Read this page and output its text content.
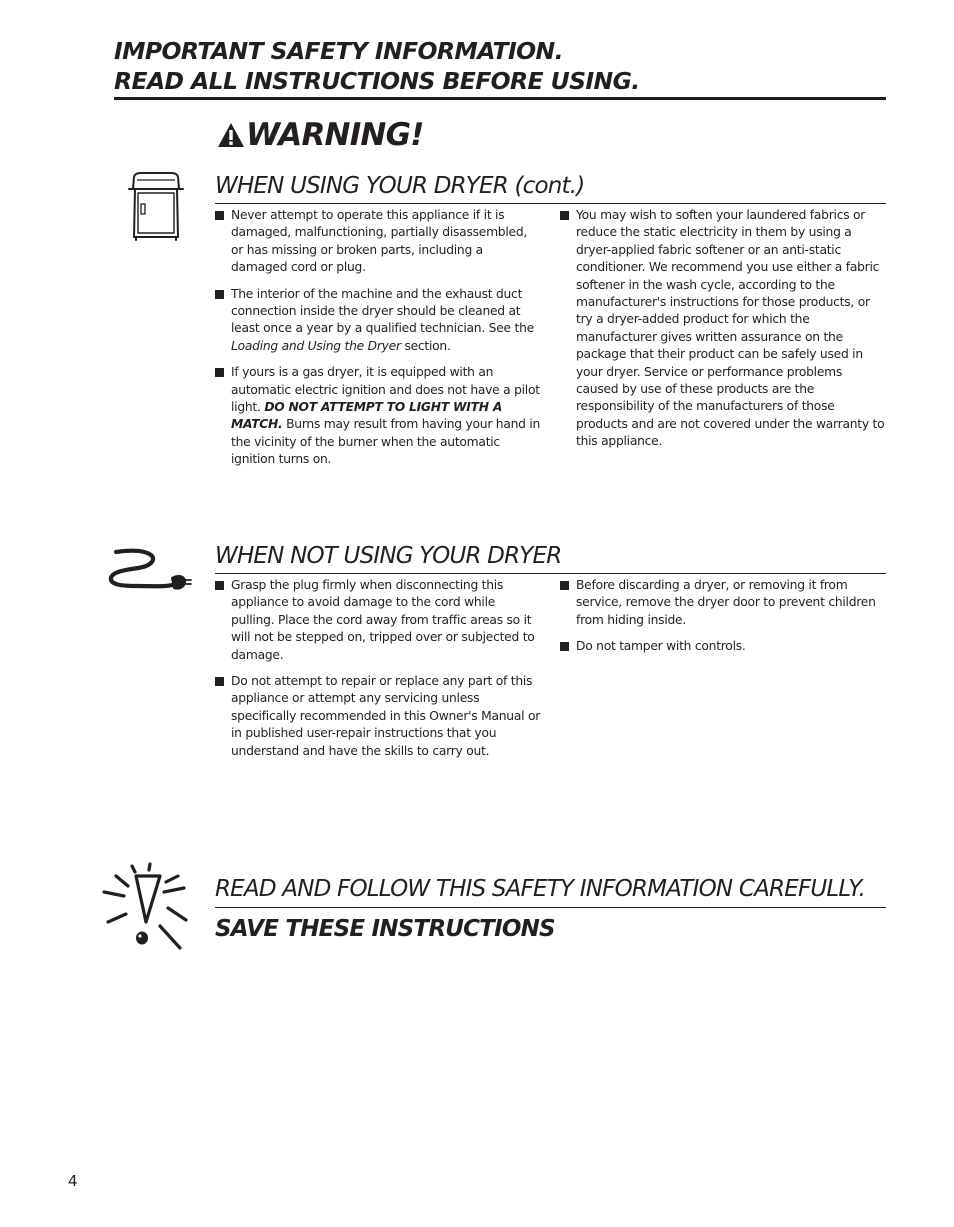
IMPORTANT SAFETY INFORMATION.
READ ALL INSTRUCTIONS BEFORE USING.
WARNING!
WHEN USING YOUR DRYER (cont.)

Never attempt to operate this appliance if it is damaged, malfunctioning, partially disassembled, or has missing or broken parts, including a damaged cord or plug.

The interior of the machine and the exhaust duct connection inside the dryer should be cleaned at least once a year by a qualified technician. See the Loading and Using the Dryer section.

If yours is a gas dryer, it is equipped with an automatic electric ignition and does not have a pilot light. DO NOT ATTEMPT TO LIGHT WITH A MATCH. Burns may result from having your hand in the vicinity of the burner when the automatic ignition turns on.

You may wish to soften your laundered fabrics or reduce the static electricity in them by using a dryer-applied fabric softener or an anti-static conditioner. We recommend you use either a fabric softener in the wash cycle, according to the manufacturer's instructions for those products, or try a dryer-added product for which the manufacturer gives written assurance on the package that their product can be safely used in your dryer. Service or performance problems caused by use of these products are the responsibility of the manufacturers of those products and are not covered under the warranty to this appliance.

WHEN NOT USING YOUR DRYER

Grasp the plug firmly when disconnecting this appliance to avoid damage to the cord while pulling. Place the cord away from traffic areas so it will not be stepped on, tripped over or subjected to damage.

Do not attempt to repair or replace any part of this appliance or attempt any servicing unless specifically recommended in this Owner's Manual or in published user-repair instructions that you understand and have the skills to carry out.

Before discarding a dryer, or removing it from service, remove the dryer door to prevent children from hiding inside.

Do not tamper with controls.

READ AND FOLLOW THIS SAFETY INFORMATION CAREFULLY.
SAVE THESE INSTRUCTIONS
4
